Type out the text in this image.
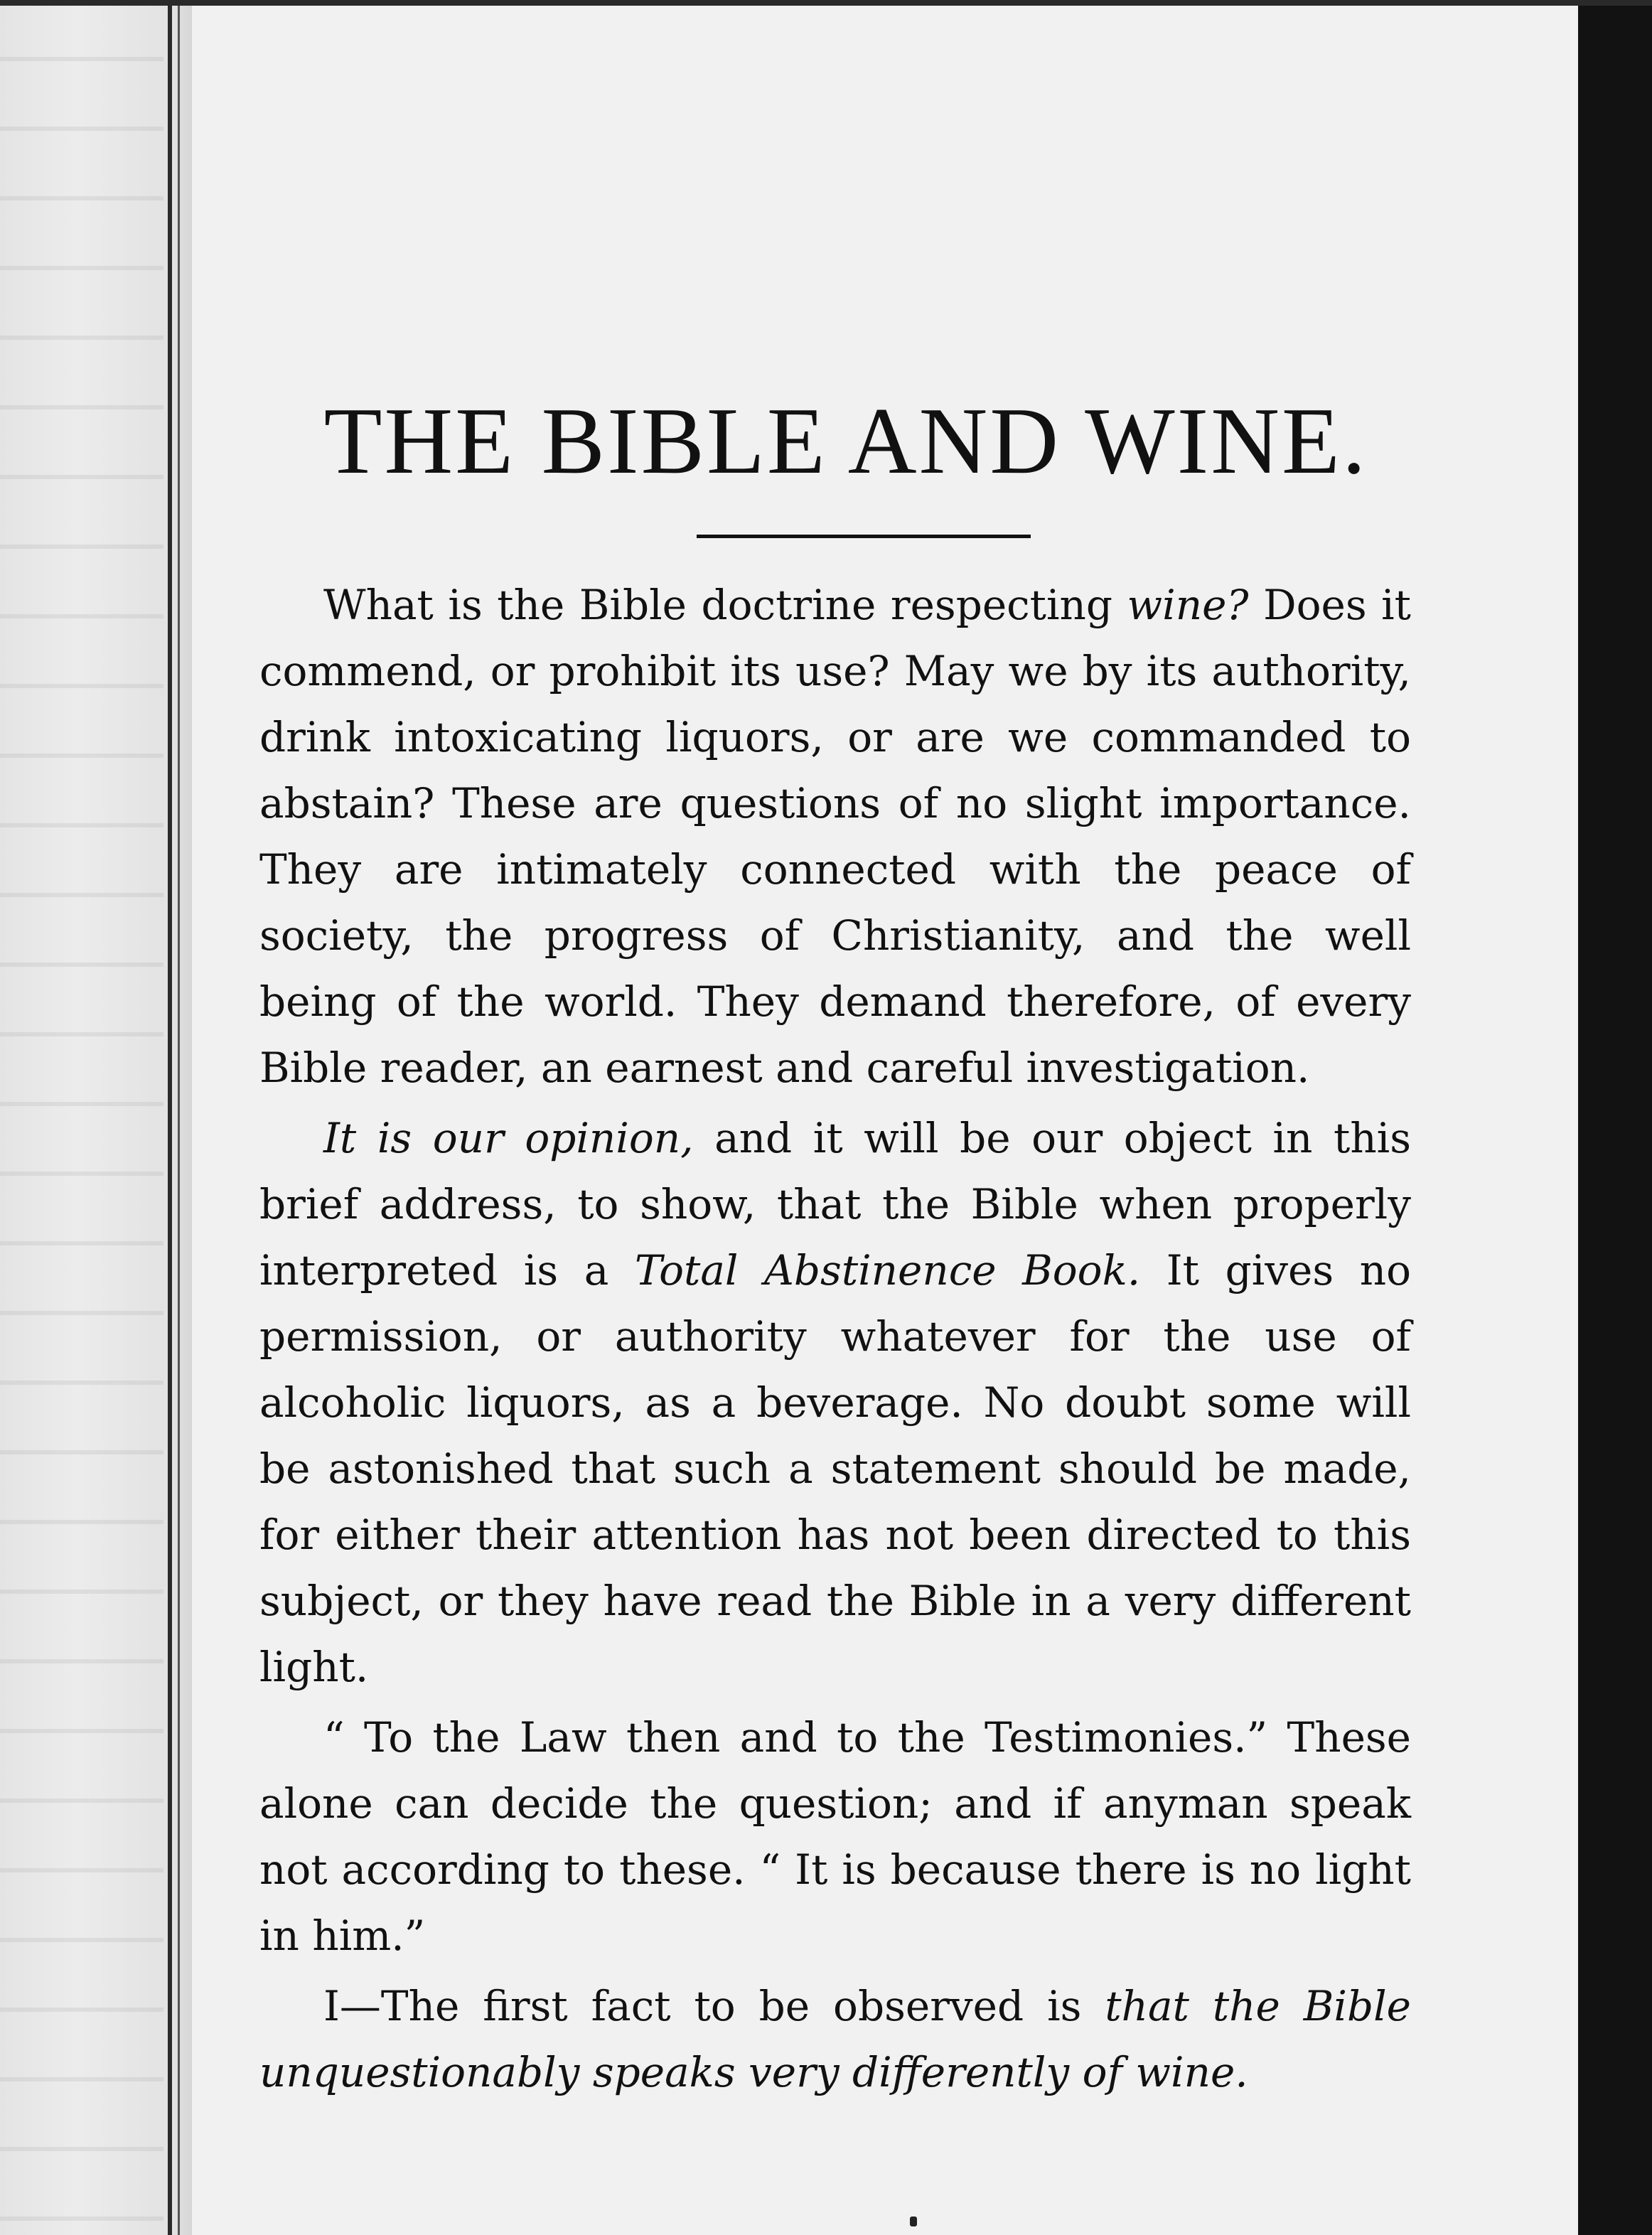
THE BIBLE AND WINE.

What is the Bible doctrine respecting wine? Does it commend, or prohibit its use? May we by its authority, drink intoxicating liquors, or are we commanded to abstain? These are questions of no slight importance. They are intimately connected with the peace of society, the progress of Christianity, and the well being of the world. They demand therefore, of every Bible reader, an earnest and careful investigation.

It is our opinion, and it will be our object in this brief address, to show, that the Bible when properly interpreted is a Total Abstinence Book. It gives no permission, or authority whatever for the use of alcoholic liquors, as a beverage. No doubt some will be astonished that such a statement should be made, for either their attention has not been directed to this subject, or they have read the Bible in a very different light.

“ To the Law then and to the Testimonies.” These alone can decide the question; and if anyman speak not according to these. “ It is because there is no light in him.”

I—The first fact to be observed is that the Bible unquestionably speaks very differently of wine.
